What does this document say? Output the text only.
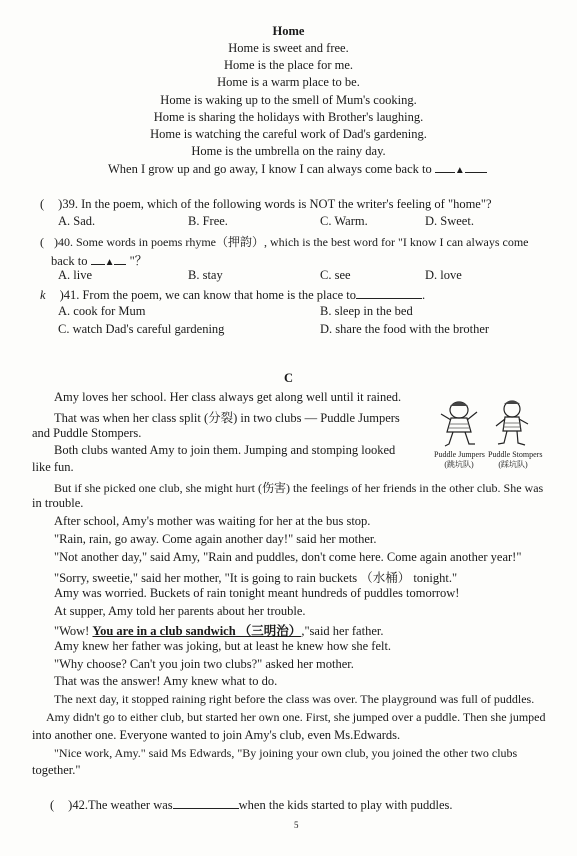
Home
Home is sweet and free.
Home is the place for me.
Home is a warm place to be.
Home is waking up to the smell of Mum's cooking.
Home is sharing the holidays with Brother's laughing.
Home is watching the careful work of Dad's gardening.
Home is the umbrella on the rainy day.
When I grow up and go away, I know I can always come back to ▲
( )39. In the poem, which of the following words is NOT the writer's feeling of "home"?
A. Sad.	B. Free.	C. Warm.	D. Sweet.
( )40. Some words in poems rhyme（押韵）, which is the best word for "I know I can always come
back to ▲ "？
A. live	B. stay	C. see	D. love
k )41. From the poem, we can know that home is the place to	.
A. cook for Mum	B. sleep in the bed
C. watch Dad's careful gardening	D. share the food with the brother
C
Puddle Jumpers
(跳坑队)
Puddle Stompers
(踩坑队)
Amy loves her school. Her class always get along well until it rained.
That was when her class split (分裂) in two clubs — Puddle Jumpers
and Puddle Stompers.
Both clubs wanted Amy to join them. Jumping and stomping looked
like fun.
But if she picked one club, she might hurt (伤害) the feelings of her friends in the other club. She was
in trouble.
After school, Amy's mother was waiting for her at the bus stop.
"Rain, rain, go away. Come again another day!" said her mother.
"Not another day," said Amy, "Rain and puddles, don't come here. Come again another year!"
"Sorry, sweetie," said her mother, "It is going to rain buckets （水桶） tonight."
Amy was worried. Buckets of rain tonight meant hundreds of puddles tomorrow!
At supper, Amy told her parents about her trouble.
"Wow! You are in a club sandwich （三明治）,"said her father.
Amy knew her father was joking, but at least he knew how she felt.
"Why choose? Can't you join two clubs?" asked her mother.
That was the answer! Amy knew what to do.
The next day, it stopped raining right before the class was over. The playground was full of puddles.
Amy didn't go to either club, but started her own one. First, she jumped over a puddle. Then she jumped
into another one. Everyone wanted to join Amy's club, even Ms.Edwards.
"Nice work, Amy." said Ms Edwards, "By joining your own club, you joined the other two clubs
together."
( )42.The weather was	when the kids started to play with puddles.
5
